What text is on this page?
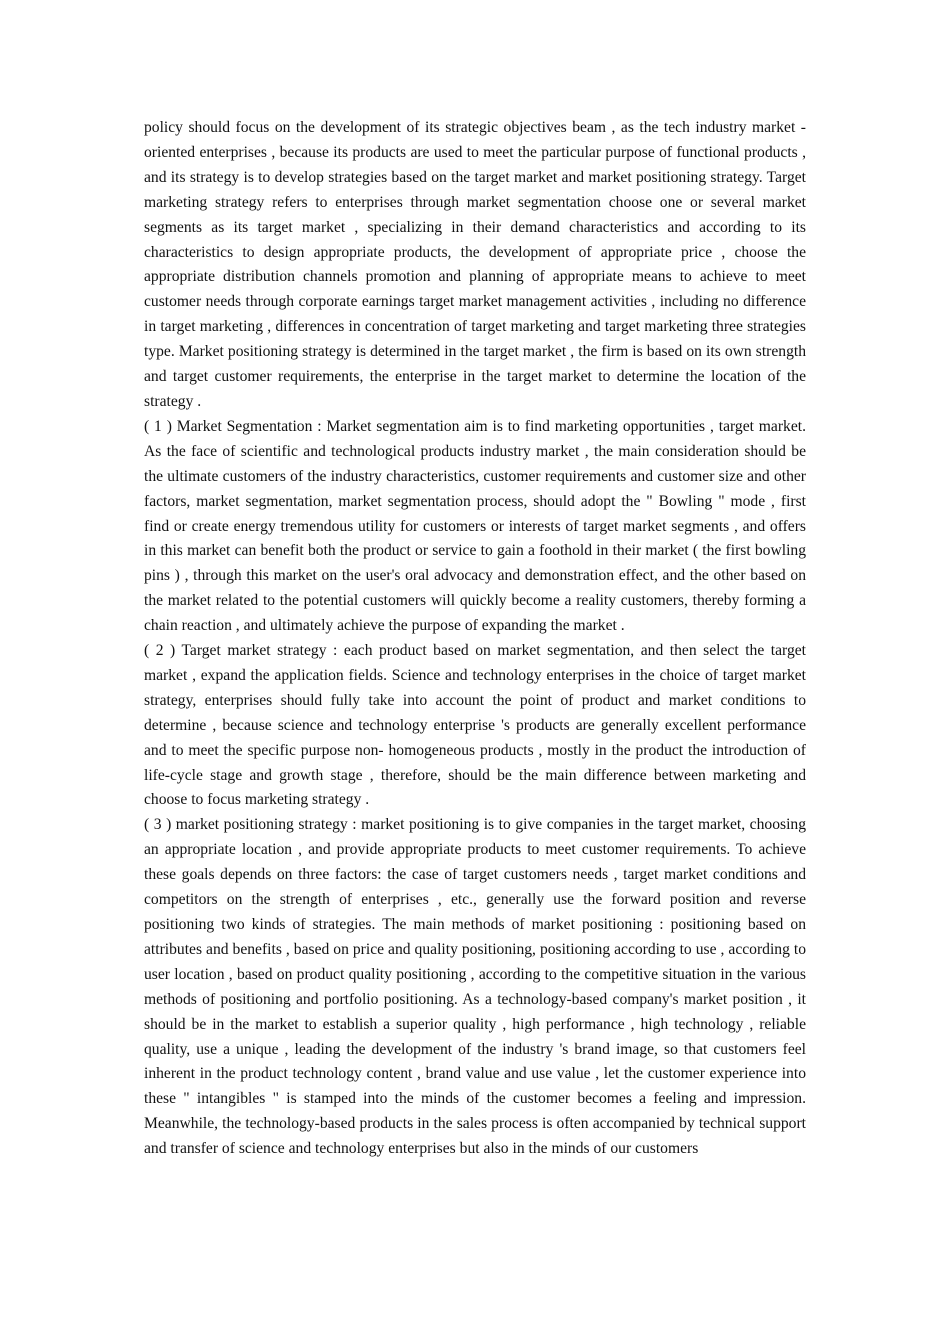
policy should focus on the development of its strategic objectives beam , as the tech industry market -oriented enterprises , because its products are used to meet the particular purpose of functional products , and its strategy is to develop strategies based on the target market and market positioning strategy. Target marketing strategy refers to enterprises through market segmentation choose one or several market segments as its target market , specializing in their demand characteristics and according to its characteristics to design appropriate products, the development of appropriate price , choose the appropriate distribution channels promotion and planning of appropriate means to achieve to meet customer needs through corporate earnings target market management activities , including no difference in target marketing , differences in concentration of target marketing and target marketing three strategies type. Market positioning strategy is determined in the target market , the firm is based on its own strength and target customer requirements, the enterprise in the target market to determine the location of the strategy .

( 1 ) Market Segmentation : Market segmentation aim is to find marketing opportunities , target market. As the face of scientific and technological products industry market , the main consideration should be the ultimate customers of the industry characteristics, customer requirements and customer size and other factors, market segmentation, market segmentation process, should adopt the " Bowling " mode , first find or create energy tremendous utility for customers or interests of target market segments , and offers in this market can benefit both the product or service to gain a foothold in their market ( the first bowling pins ) , through this market on the user's oral advocacy and demonstration effect, and the other based on the market related to the potential customers will quickly become a reality customers, thereby forming a chain reaction , and ultimately achieve the purpose of expanding the market .

( 2 ) Target market strategy : each product based on market segmentation, and then select the target market , expand the application fields. Science and technology enterprises in the choice of target market strategy, enterprises should fully take into account the point of product and market conditions to determine , because science and technology enterprise 's products are generally excellent performance and to meet the specific purpose non- homogeneous products , mostly in the product the introduction of life-cycle stage and growth stage , therefore, should be the main difference between marketing and choose to focus marketing strategy .

( 3 ) market positioning strategy : market positioning is to give companies in the target market, choosing an appropriate location , and provide appropriate products to meet customer requirements. To achieve these goals depends on three factors: the case of target customers needs , target market conditions and competitors on the strength of enterprises , etc., generally use the forward position and reverse positioning two kinds of strategies. The main methods of market positioning : positioning based on attributes and benefits , based on price and quality positioning, positioning according to use , according to user location , based on product quality positioning , according to the competitive situation in the various methods of positioning and portfolio positioning. As a technology-based company's market position , it should be in the market to establish a superior quality , high performance , high technology , reliable quality, use a unique , leading the development of the industry 's brand image, so that customers feel inherent in the product technology content , brand value and use value , let the customer experience into these " intangibles " is stamped into the minds of the customer becomes a feeling and impression. Meanwhile, the technology-based products in the sales process is often accompanied by technical support and transfer of science and technology enterprises but also in the minds of our customers
